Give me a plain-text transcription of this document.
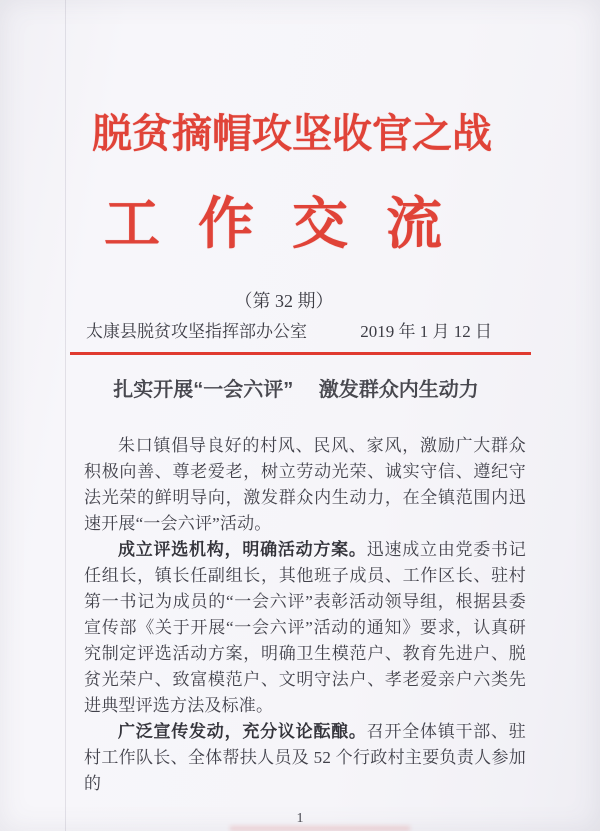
脱贫摘帽攻坚收官之战
工作交流
（第 32 期）
太康县脱贫攻坚指挥部办公室	2019 年 1 月 12 日
扎实开展“一会六评”　 激发群众内生动力

朱口镇倡导良好的村风、民风、家风，激励广大群众积极向善、尊老爱老，树立劳动光荣、诚实守信、遵纪守法光荣的鲜明导向，激发群众内生动力，在全镇范围内迅速开展“一会六评”活动。

成立评选机构，明确活动方案。迅速成立由党委书记任组长，镇长任副组长，其他班子成员、工作区长、驻村第一书记为成员的“一会六评”表彰活动领导组，根据县委宣传部《关于开展“一会六评”活动的通知》要求，认真研究制定评选活动方案，明确卫生模范户、教育先进户、脱贫光荣户、致富模范户、文明守法户、孝老爱亲户六类先进典型评选方法及标准。

广泛宣传发动，充分议论酝酿。召开全体镇干部、驻村工作队长、全体帮扶人员及 52 个行政村主要负责人参加的

1
